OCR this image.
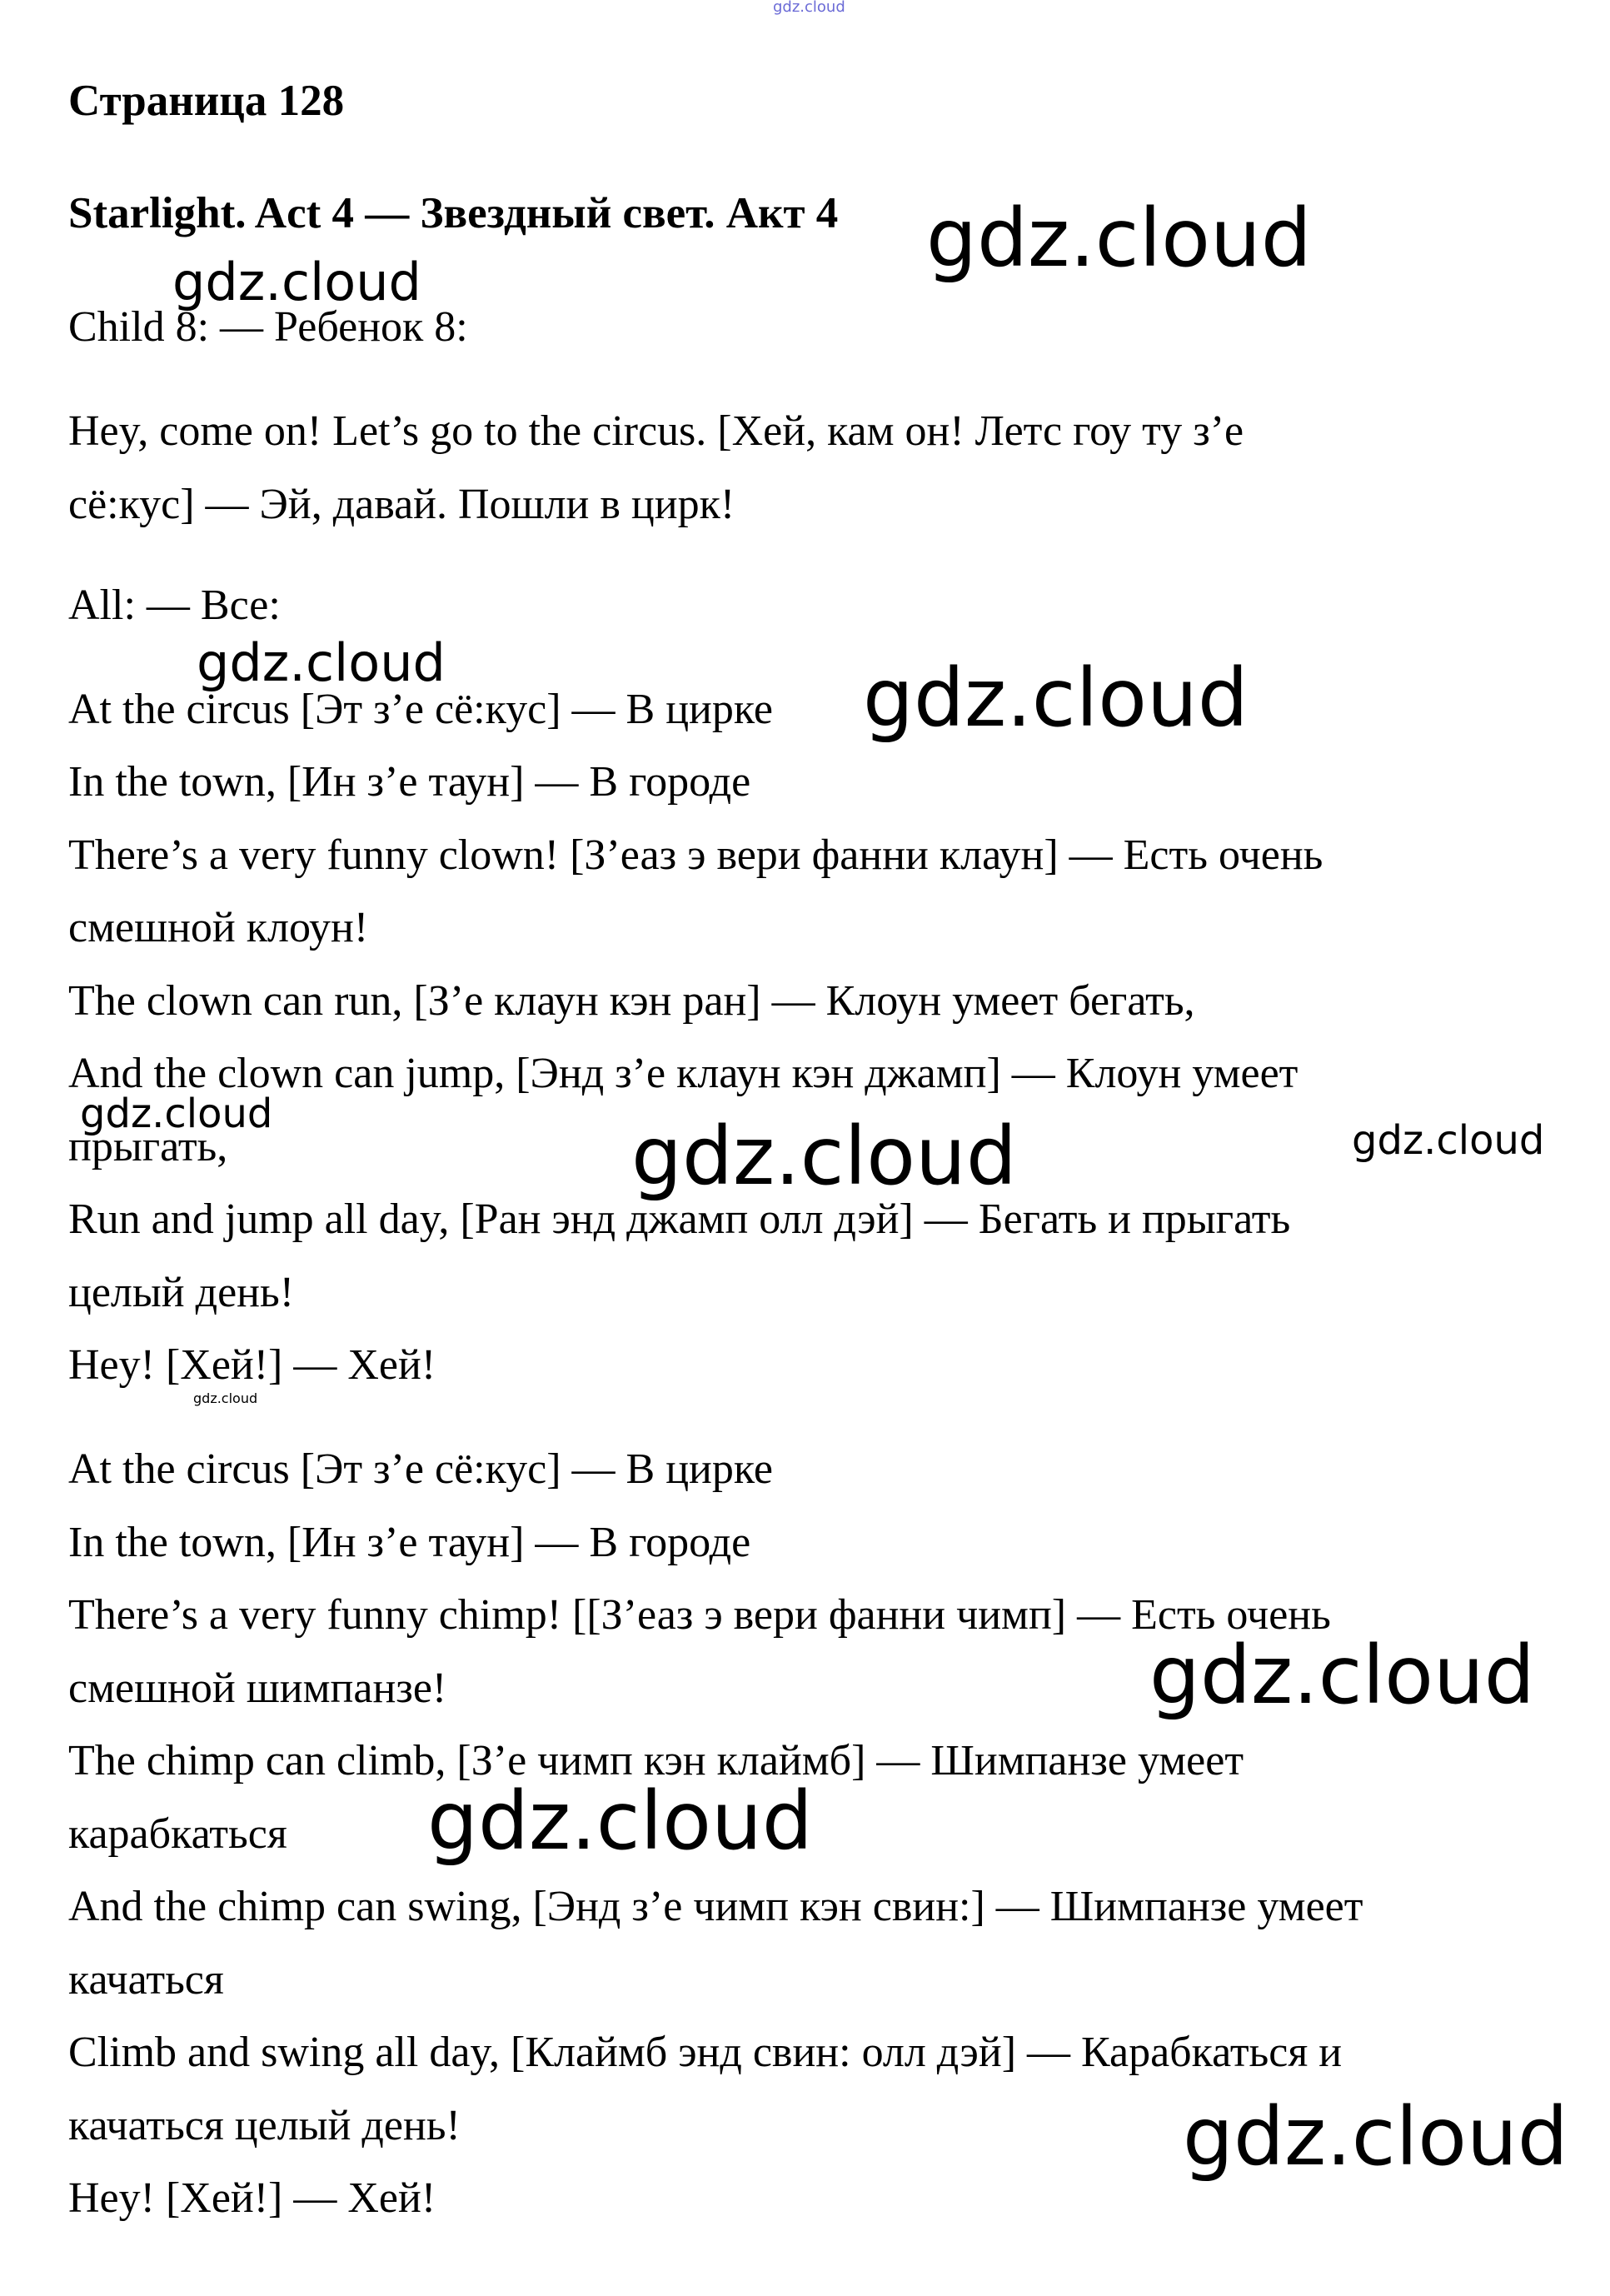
gdz.cloud
Страница 128
Starlight. Act 4 — Звездный свет. Акт 4
Child 8: — Ребенок 8:
Hey, come on! Let’s go to the circus. [Хей, кам он! Летс гоу ту з’е
сё:кус] — Эй, давай. Пошли в цирк!
All: — Все:
At the circus [Эт з’е сё:кус] — В цирке
In the town, [Ин з’е таун] — В городе
There’s a very funny clown! [З’еаз э вери фанни клаун] — Есть очень
смешной клоун!
The clown can run, [З’е клаун кэн ран] — Клоун умеет бегать,
And the clown can jump, [Энд з’е клаун кэн джамп] — Клоун умеет
прыгать,
Run and jump all day, [Ран энд джамп олл дэй] — Бегать и прыгать
целый день!
Hey! [Хей!] — Хей!
At the circus [Эт з’е сё:кус] — В цирке
In the town, [Ин з’е таун] — В городе
There’s a very funny chimp! [[З’еаз э вери фанни чимп] — Есть очень
смешной шимпанзе!
The chimp can climb, [З’е чимп кэн клаймб] — Шимпанзе умеет
карабкаться
And the chimp can swing, [Энд з’е чимп кэн свин:] — Шимпанзе умеет
качаться
Climb and swing all day, [Клаймб энд свин: олл дэй] — Карабкаться и
качаться целый день!
Hey! [Хей!] — Хей!
gdz.cloud
gdz.cloud
gdz.cloud	gdz.cloud
gdz.cloud	gdz.cloud	gdz.cloud
gdz.cloud
gdz.cloud
gdz.cloud
gdz.cloud
